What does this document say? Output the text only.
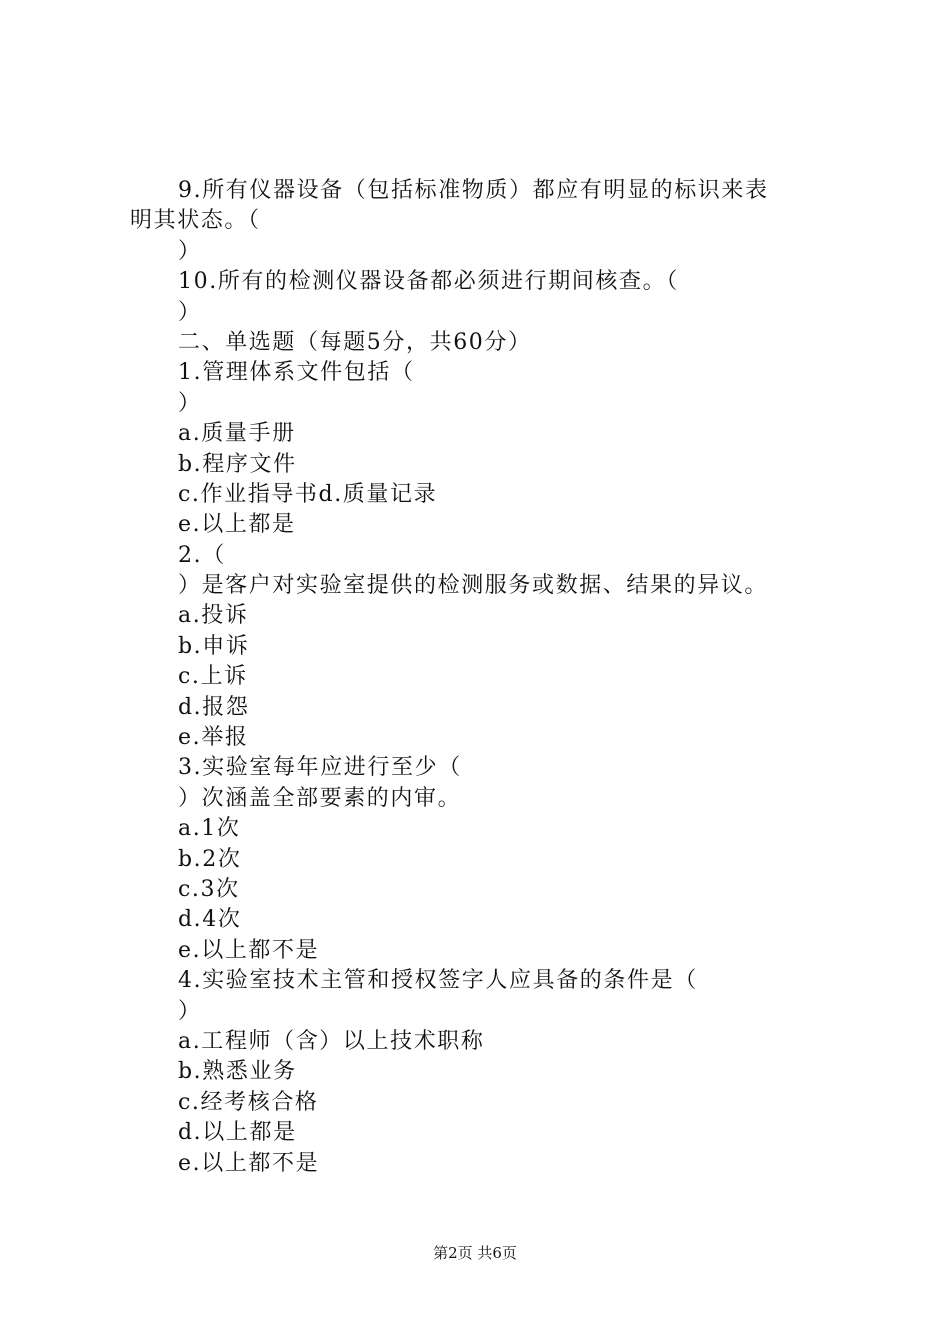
9.所有仪器设备（包括标准物质）都应有明显的标识来表
明其状态。（
）
10.所有的检测仪器设备都必须进行期间核查。（
）
二、单选题（每题5分，共60分）
1.管理体系文件包括（
）
a.质量手册
b.程序文件
c.作业指导书d.质量记录
e.以上都是
2.（
）是客户对实验室提供的检测服务或数据、结果的异议。
a.投诉
b.申诉
c.上诉
d.报怨
e.举报
3.实验室每年应进行至少（
）次涵盖全部要素的内审。
a.1次
b.2次
c.3次
d.4次
e.以上都不是
4.实验室技术主管和授权签字人应具备的条件是（
）
a.工程师（含）以上技术职称
b.熟悉业务
c.经考核合格
d.以上都是
e.以上都不是
第2页 共6页
